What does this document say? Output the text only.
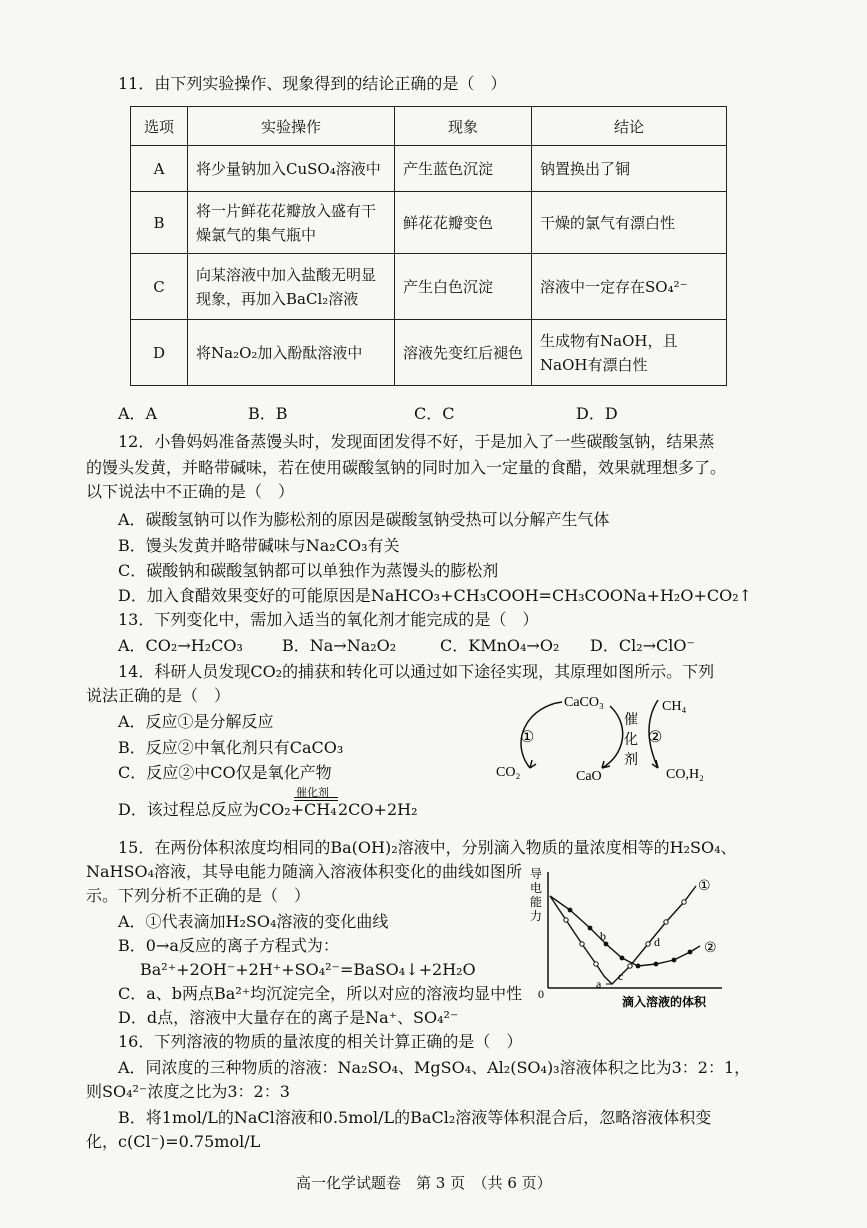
11．由下列实验操作、现象得到的结论正确的是（　）
选项	实验操作	现象	结论
A	将少量钠加入CuSO₄溶液中	产生蓝色沉淀	钠置换出了铜
B	将一片鲜花花瓣放入盛有干燥氯气的集气瓶中	鲜花花瓣变色	干燥的氯气有漂白性
C	向某溶液中加入盐酸无明显现象，再加入BaCl₂溶液	产生白色沉淀	溶液中一定存在SO₄²⁻
D	将Na₂O₂加入酚酞溶液中	溶液先变红后褪色	生成物有NaOH，且NaOH有漂白性
A．A	B．B	C．C	D．D
12．小鲁妈妈准备蒸馒头时，发现面团发得不好，于是加入了一些碳酸氢钠，结果蒸
的馒头发黄，并略带碱味，若在使用碳酸氢钠的同时加入一定量的食醋，效果就理想多了。
以下说法中不正确的是（　）
A．碳酸氢钠可以作为膨松剂的原因是碳酸氢钠受热可以分解产生气体
B．馒头发黄并略带碱味与Na₂CO₃有关
C．碳酸钠和碳酸氢钠都可以单独作为蒸馒头的膨松剂
D．加入食醋效果变好的可能原因是NaHCO₃+CH₃COOH=CH₃COONa+H₂O+CO₂↑
13．下列变化中，需加入适当的氧化剂才能完成的是（　）
A．CO₂→H₂CO₃ B．Na→Na₂O₂	C．KMnO₄→O₂ D．Cl₂→ClO⁻
14．科研人员发现CO₂的捕获和转化可以通过如下途径实现，其原理如图所示。下列
说法正确的是（　）
A．反应①是分解反应
B．反应②中氧化剂只有CaCO₃
C．反应②中CO仅是氧化产物
D．该过程总反应为CO₂+CH₄
催化剂
2CO+2H₂
CaCO₃	CH₄
CO₂	CaO	CO,H₂
①	②
催
化
剂
15．在两份体积浓度均相同的Ba(OH)₂溶液中，分别滴入物质的量浓度相等的H₂SO₄、
NaHSO₄溶液，其导电能力随滴入溶液体积变化的曲线如图所
示。下列分析不正确的是（　）
A．①代表滴加H₂SO₄溶液的变化曲线
B．0→a反应的离子方程式为：
Ba²⁺+2OH⁻+2H⁺+SO₄²⁻=BaSO₄↓+2H₂O
C．a、b两点Ba²⁺均沉淀完全，所以对应的溶液均显中性
D．d点，溶液中大量存在的离子是Na⁺、SO₄²⁻
导
电
能
力
0
滴入溶液的体积
a
b
c
d
①
②
16．下列溶液的物质的量浓度的相关计算正确的是（　）
A．同浓度的三种物质的溶液：Na₂SO₄、MgSO₄、Al₂(SO₄)₃溶液体积之比为3：2：1，
则SO₄²⁻浓度之比为3：2：3
B．将1mol/L的NaCl溶液和0.5mol/L的BaCl₂溶液等体积混合后，忽略溶液体积变
化，c(Cl⁻)=0.75mol/L
高一化学试题卷　第 3 页　（共 6 页）
